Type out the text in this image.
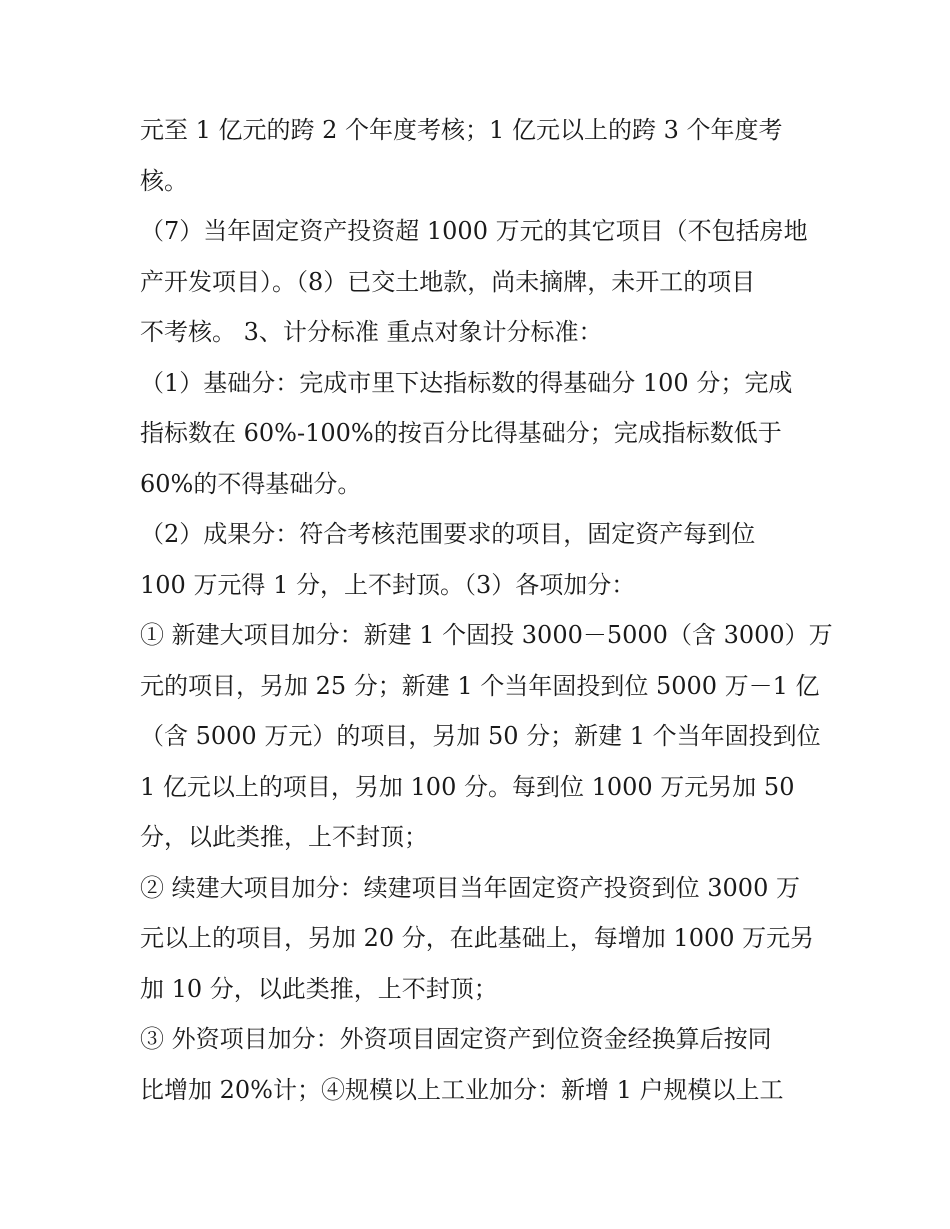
元至 1 亿元的跨 2 个年度考核；1 亿元以上的跨 3 个年度考
核。
（7）当年固定资产投资超 1000 万元的其它项目（不包括房地
产开发项目）。（8）已交土地款，尚未摘牌，未开工的项目
不考核。 3、计分标准 重点对象计分标准：
（1）基础分：完成市里下达指标数的得基础分 100 分；完成
指标数在 60%-100%的按百分比得基础分；完成指标数低于
60%的不得基础分。
（2）成果分：符合考核范围要求的项目，固定资产每到位
100 万元得 1 分，上不封顶。（3）各项加分：
① 新建大项目加分：新建 1 个固投 3000－5000（含 3000）万
元的项目，另加 25 分；新建 1 个当年固投到位 5000 万－1 亿
（含 5000 万元）的项目，另加 50 分；新建 1 个当年固投到位
1 亿元以上的项目，另加 100 分。每到位 1000 万元另加 50
分，以此类推，上不封顶；
② 续建大项目加分：续建项目当年固定资产投资到位 3000 万
元以上的项目，另加 20 分，在此基础上，每增加 1000 万元另
加 10 分，以此类推，上不封顶；
③ 外资项目加分：外资项目固定资产到位资金经换算后按同
比增加 20%计；④规模以上工业加分：新增 1 户规模以上工
